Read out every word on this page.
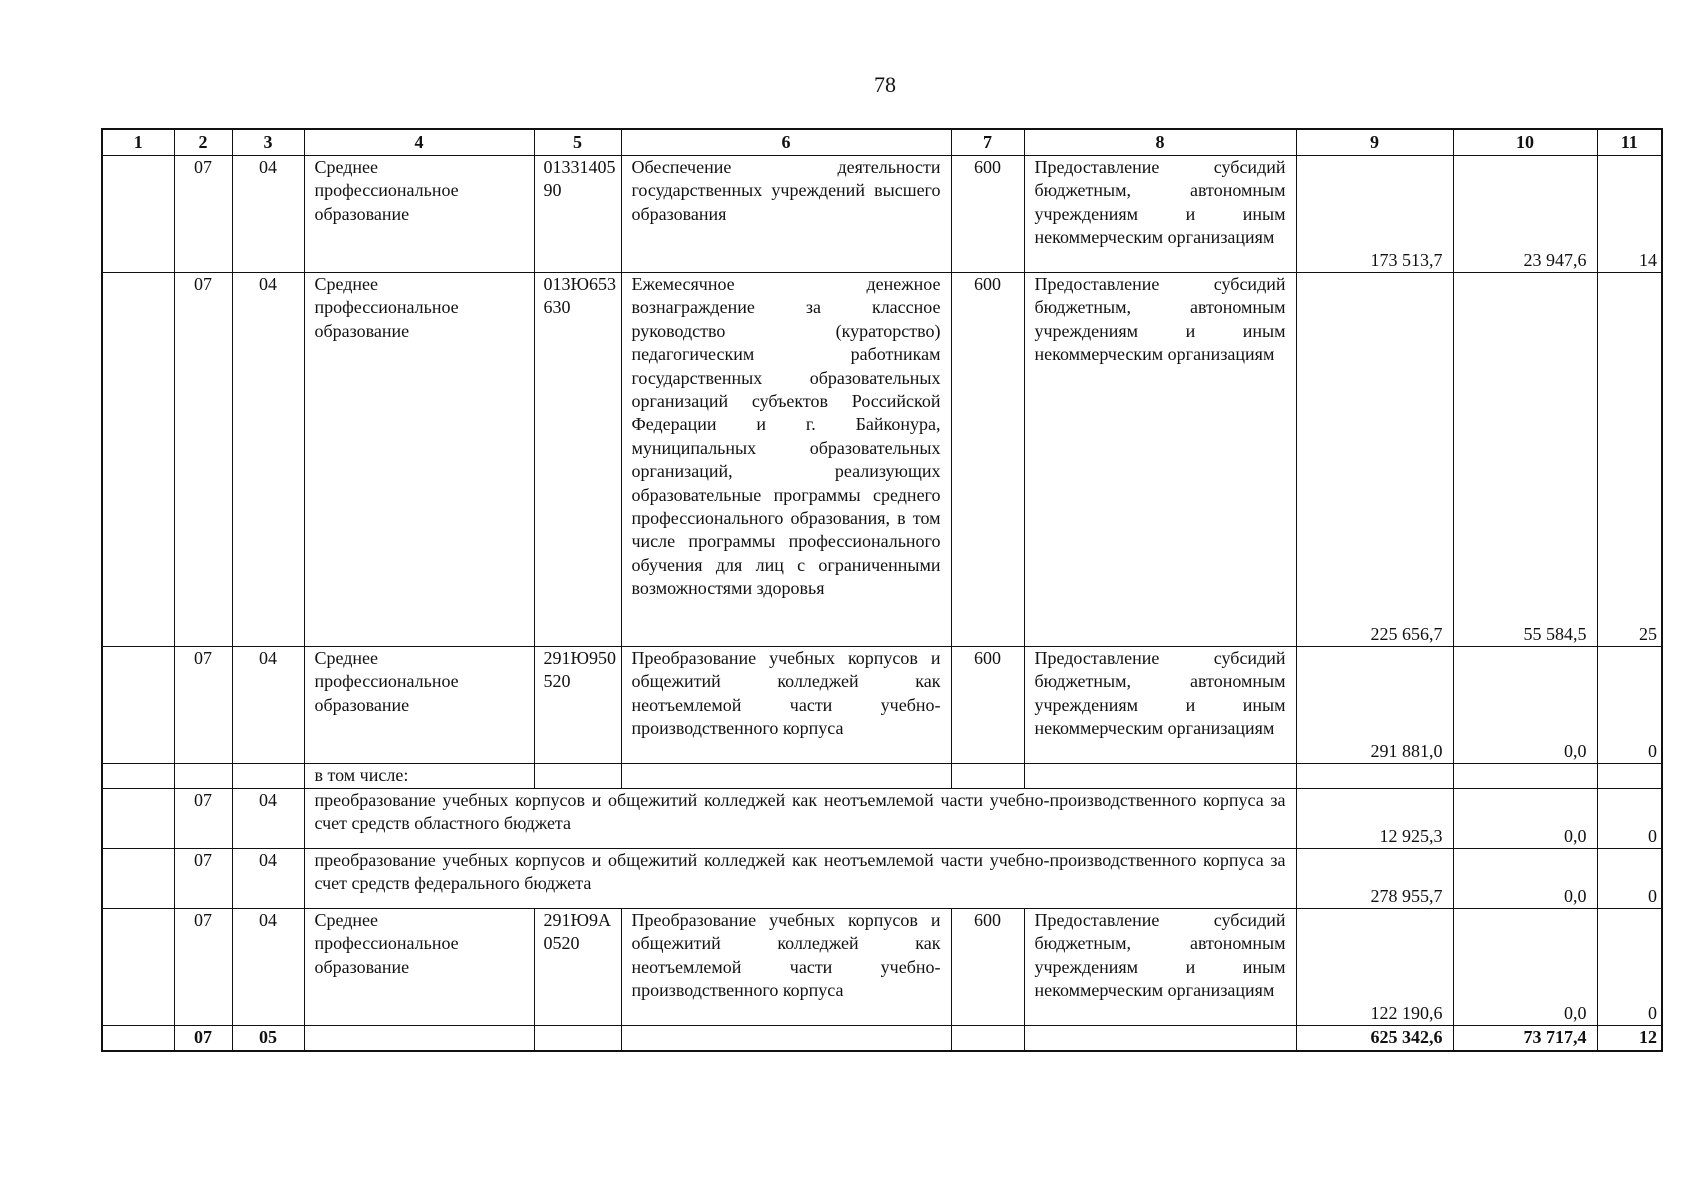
78
1	2	3	4	5	6	7	8	9	10	11
	07	04	Среднее профессиональное образование	0133140590	Обеспечение деятельности государственных учреждений высшего образования	600	Предоставление субсидий бюджетным, автономным учреждениям и иным некоммерческим организациям	173 513,7	23 947,6	14
	07	04	Среднее профессиональное образование	013Ю653630	Ежемесячное денежное вознаграждение за классное руководство (кураторство) педагогическим работникам государственных образовательных организаций субъектов Российской Федерации и г. Байконура, муниципальных образовательных организаций, реализующих образовательные программы среднего профессионального образования, в том числе программы профессионального обучения для лиц с ограниченными возможностями здоровья	600	Предоставление субсидий бюджетным, автономным учреждениям и иным некоммерческим организациям	225 656,7	55 584,5	25
	07	04	Среднее профессиональное образование	291Ю950520	Преобразование учебных корпусов и общежитий колледжей как неотъемлемой части учебно-производственного корпуса	600	Предоставление субсидий бюджетным, автономным учреждениям и иным некоммерческим организациям	291 881,0	0,0	0
			в том числе:							
	07	04	преобразование учебных корпусов и общежитий колледжей как неотъемлемой части учебно-производственного корпуса за счет средств областного бюджета					12 925,3	0,0	0
	07	04	преобразование учебных корпусов и общежитий колледжей как неотъемлемой части учебно-производственного корпуса за счет средств федерального бюджета					278 955,7	0,0	0
	07	04	Среднее профессиональное образование	291Ю9А0520	Преобразование учебных корпусов и общежитий колледжей как неотъемлемой части учебно-производственного корпуса	600	Предоставление субсидий бюджетным, автономным учреждениям и иным некоммерческим организациям	122 190,6	0,0	0
	07	05						625 342,6	73 717,4	12
